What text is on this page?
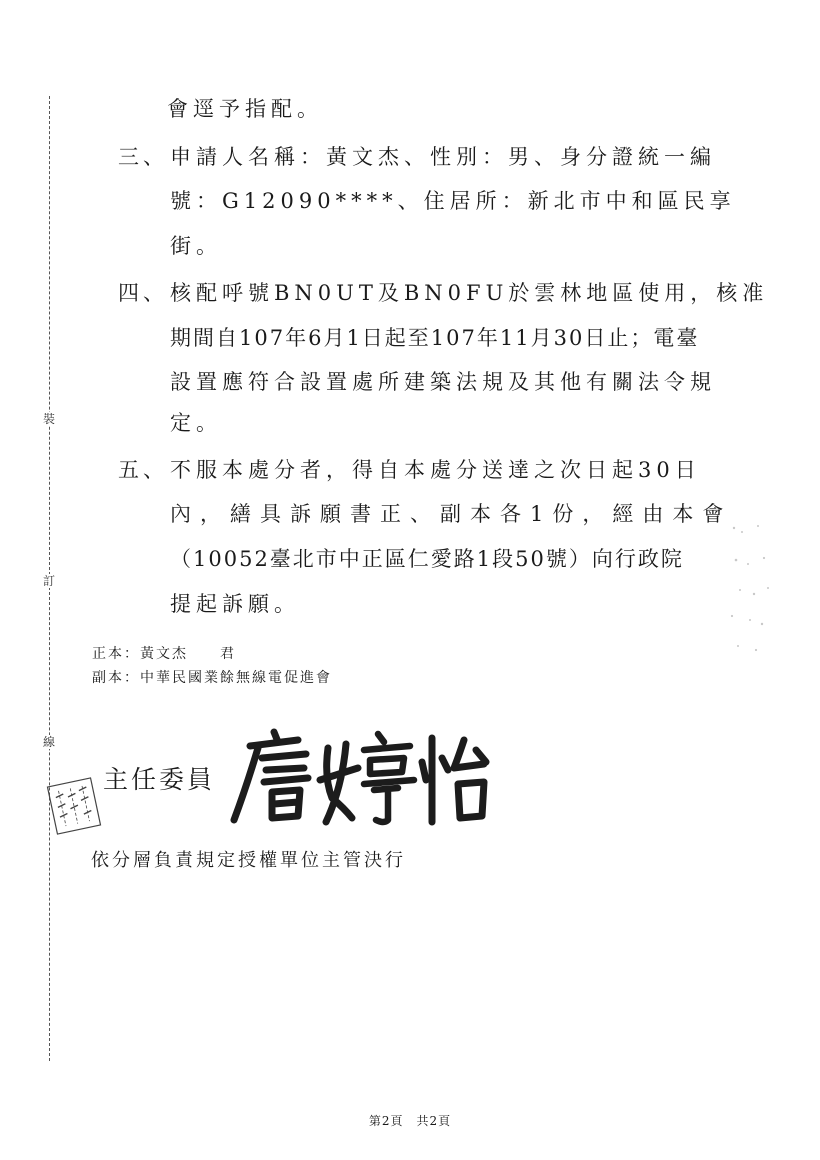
裝
訂
線
會逕予指配。
三、 申請人名稱：黃文杰、性別：男、身分證統一編
號：G12090****、住居所：新北市中和區民享
街。
四、 核配呼號BN0UT及BN0FU於雲林地區使用，核准
期間自107年6月1日起至107年11月30日止；電臺
設置應符合設置處所建築法規及其他有關法令規
定。
五、 不服本處分者，得自本處分送達之次日起30日
內，繕具訴願書正、副本各1份，經由本會
（10052臺北市中正區仁愛路1段50號）向行政院
提起訴願。
正本：黃文杰　　君
副本：中華民國業餘無線電促進會
主任委員
依分層負責規定授權單位主管決行
第2頁　共2頁
